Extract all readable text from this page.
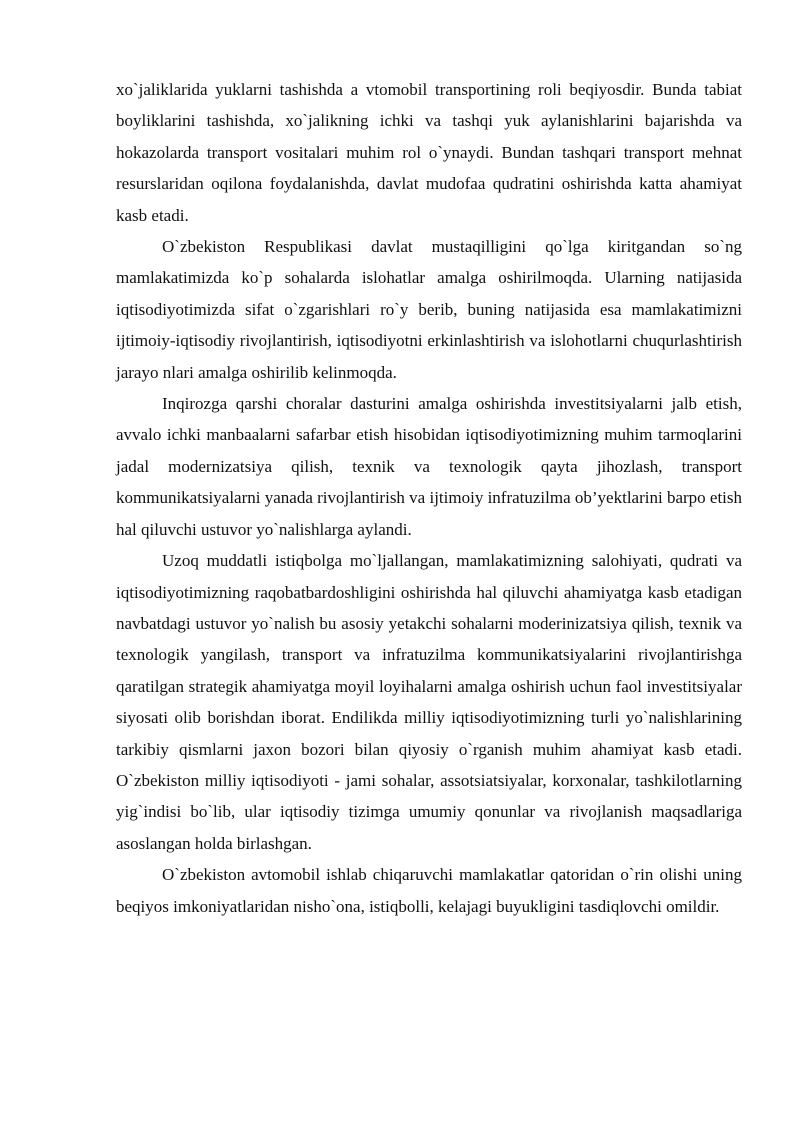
xo`jaliklarida yuklarni tashishda a vtomobil transportining roli beqiyosdir. Bunda tabiat boyliklarini tashishda, xo`jalikning ichki va tashqi yuk aylanishlarini bajarishda va hokazolarda transport vositalari muhim rol o`ynaydi. Bundan tashqari transport mehnat resurslaridan oqilona foydalanishda, davlat mudofaa qudratini oshirishda katta ahamiyat kasb etadi.

O`zbekiston Respublikasi davlat mustaqilligini qo`lga kiritgandan so`ng mamlakatimizda ko`p sohalarda islohatlar amalga oshirilmoqda. Ularning natijasida iqtisodiyotimizda sifat o`zgarishlari ro`y berib, buning natijasida esa mamlakatimizni ijtimoiy-iqtisodiy rivojlantirish, iqtisodiyotni erkinlashtirish va islohotlarni chuqurlashtirish jarayo nlari amalga oshirilib kelinmoqda.

Inqirozga qarshi choralar dasturini amalga oshirishda investitsiyalarni jalb etish, avvalo ichki manbaalarni safarbar etish hisobidan iqtisodiyotimizning muhim tarmoqlarini jadal modernizatsiya qilish, texnik va texnologik qayta jihozlash, transport kommunikatsiyalarni yanada rivojlantirish va ijtimoiy infratuzilma ob’yektlarini barpo etish hal qiluvchi ustuvor yo`nalishlarga aylandi.

Uzoq muddatli istiqbolga mo`ljallangan, mamlakatimizning salohiyati, qudrati va iqtisodiyotimizning raqobatbardoshligini oshirishda hal qiluvchi ahamiyatga kasb etadigan navbatdagi ustuvor yo`nalish bu asosiy yetakchi sohalarni moderinizatsiya qilish, texnik va texnologik yangilash, transport va infratuzilma kommunikatsiyalarini rivojlantirishga qaratilgan strategik ahamiyatga moyil loyihalarni amalga oshirish uchun faol investitsiyalar siyosati olib borishdan iborat. Endilikda milliy iqtisodiyotimizning turli yo`nalishlarining tarkibiy qismlarni jaxon bozori bilan qiyosiy o`rganish muhim ahamiyat kasb etadi. O`zbekiston milliy iqtisodiyoti - jami sohalar, assotsiatsiyalar, korxonalar, tashkilotlarning yig`indisi bo`lib, ular iqtisodiy tizimga umumiy qonunlar va rivojlanish maqsadlariga asoslangan holda birlashgan.

O`zbekiston avtomobil ishlab chiqaruvchi mamlakatlar qatoridan o`rin olishi uning beqiyos imkoniyatlaridan nisho`ona, istiqbolli, kelajagi buyukligini tasdiqlovchi omildir.
